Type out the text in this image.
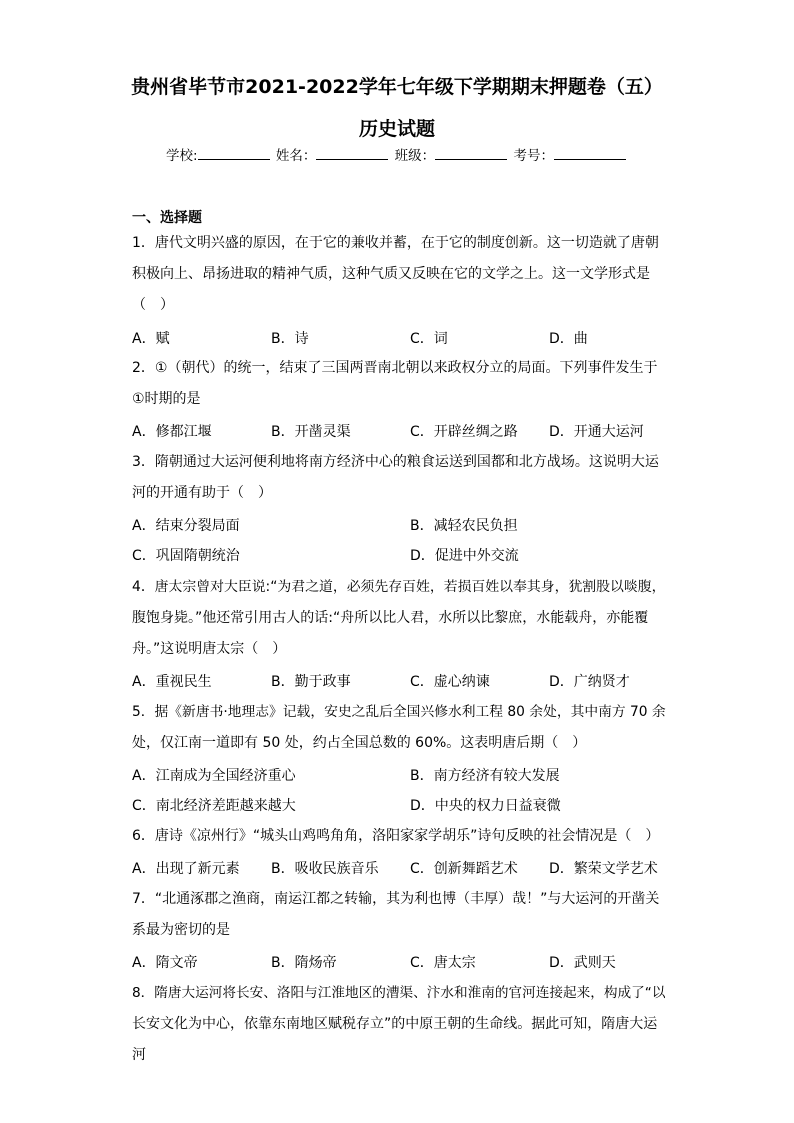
贵州省毕节市2021-2022学年七年级下学期期末押题卷（五）
历史试题
学校:	姓名：	班级：	考号：
一、选择题
1．唐代文明兴盛的原因，在于它的兼收并蓄，在于它的制度创新。这一切造就了唐朝
积极向上、昂扬进取的精神气质，这种气质又反映在它的文学之上。这一文学形式是
（　）
A．赋	B．诗	C．词	D．曲
2．①（朝代）的统一，结束了三国两晋南北朝以来政权分立的局面。下列事件发生于
①时期的是
A．修都江堰	B．开凿灵渠	C．开辟丝绸之路 D．开通大运河
3．隋朝通过大运河便利地将南方经济中心的粮食运送到国都和北方战场。这说明大运
河的开通有助于（　）
A．结束分裂局面	B．减轻农民负担
C．巩固隋朝统治	D．促进中外交流
4．唐太宗曾对大臣说:“为君之道，必须先存百姓，若损百姓以奉其身，犹割股以啖腹，
腹饱身毙。”他还常引用古人的话:“舟所以比人君，水所以比黎庶，水能载舟，亦能覆
舟。”这说明唐太宗（　）
A．重视民生	B．勤于政事	C．虚心纳谏	D．广纳贤才
5．据《新唐书·地理志》记载，安史之乱后全国兴修水利工程 80 余处，其中南方 70 余
处，仅江南一道即有 50 处，约占全国总数的 60%。这表明唐后期（　）
A．江南成为全国经济重心	B．南方经济有较大发展
C．南北经济差距越来越大	D．中央的权力日益衰微
6．唐诗《凉州行》“城头山鸡鸣角角，洛阳家家学胡乐”诗句反映的社会情况是（　）
A．出现了新元素 B．吸收民族音乐 C．创新舞蹈艺术 D．繁荣文学艺术
7．“北通涿郡之渔商，南运江都之转输，其为利也博（丰厚）哉！”与大运河的开凿关
系最为密切的是
A．隋文帝	B．隋炀帝	C．唐太宗	D．武则天
8．隋唐大运河将长安、洛阳与江淮地区的漕渠、汴水和淮南的官河连接起来，构成了“以
长安文化为中心，依靠东南地区赋税存立”的中原王朝的生命线。据此可知，隋唐大运
河
